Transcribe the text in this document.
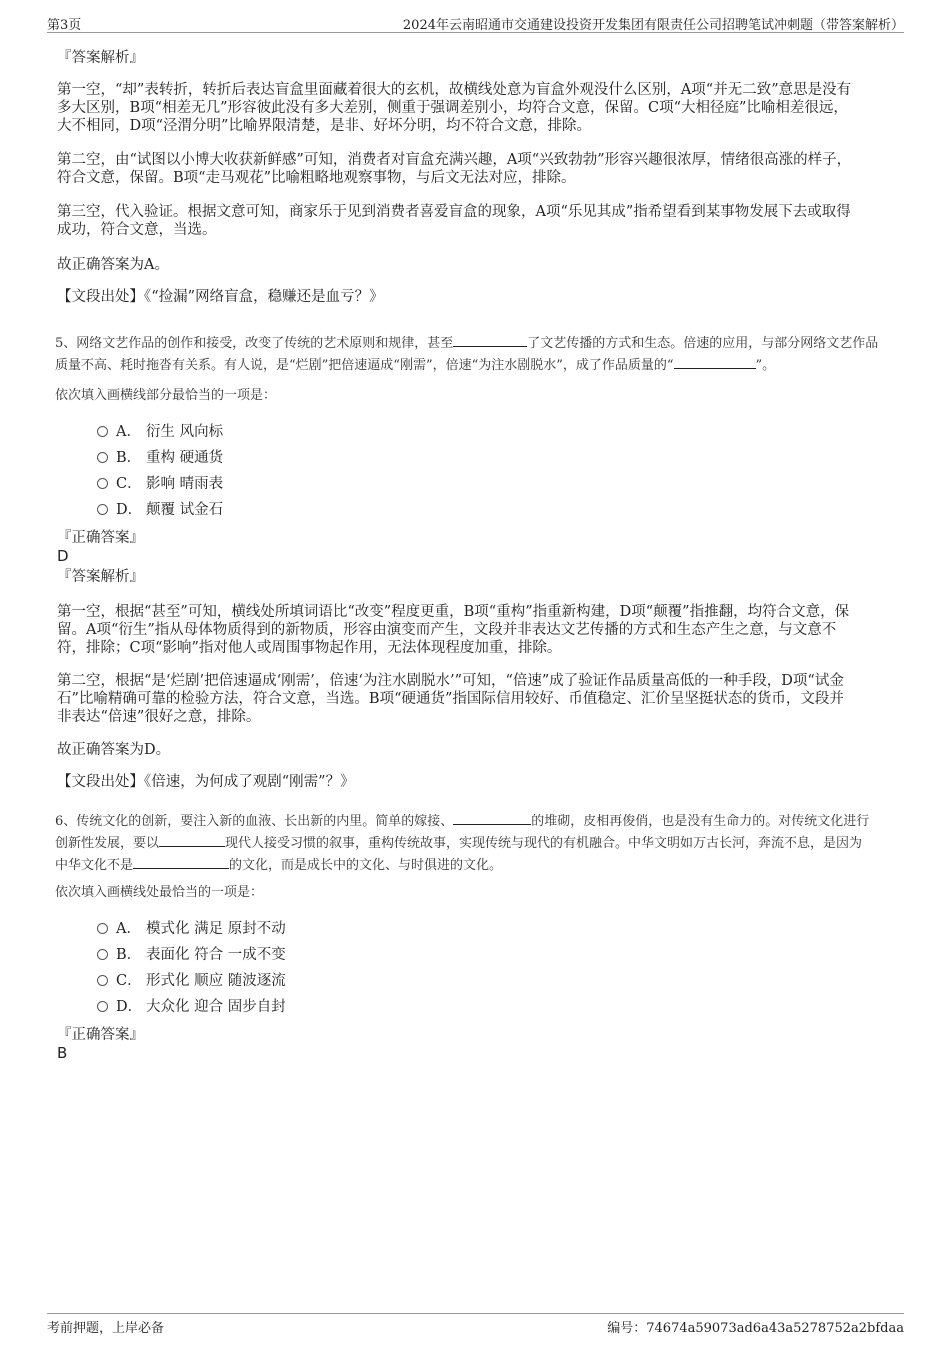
第3页	2024年云南昭通市交通建设投资开发集团有限责任公司招聘笔试冲刺题（带答案解析）
『答案解析』
第一空，“却”表转折，转折后表达盲盒里面藏着很大的玄机，故横线处意为盲盒外观没什么区别，A项“并无二致”意思是没有
多大区别，B项“相差无几”形容彼此没有多大差别，侧重于强调差别小，均符合文意，保留。C项“大相径庭”比喻相差很远，
大不相同，D项“泾渭分明”比喻界限清楚，是非、好坏分明，均不符合文意，排除。
第二空，由“试图以小博大收获新鲜感”可知，消费者对盲盒充满兴趣，A项“兴致勃勃”形容兴趣很浓厚，情绪很高涨的样子，
符合文意，保留。B项“走马观花”比喻粗略地观察事物，与后文无法对应，排除。
第三空，代入验证。根据文意可知，商家乐于见到消费者喜爱盲盒的现象，A项“乐见其成”指希望看到某事物发展下去或取得
成功，符合文意，当选。
故正确答案为A。
【文段出处】《“捡漏”网络盲盒，稳赚还是血亏？》
5、网络文艺作品的创作和接受，改变了传统的艺术原则和规律，甚至	了文艺传播的方式和生态。倍速的应用，与部分网络文艺作品
质量不高、耗时拖沓有关系。有人说，是“烂剧”把倍速逼成“刚需”，倍速“为注水剧脱水”，成了作品质量的“	”。
依次填入画横线部分最恰当的一项是：
A． 衍生 风向标
B． 重构 硬通货
C． 影响 晴雨表
D． 颠覆 试金石
『正确答案』
D
『答案解析』
第一空，根据“甚至”可知，横线处所填词语比“改变”程度更重，B项“重构”指重新构建，D项“颠覆”指推翻，均符合文意，保
留。A项“衍生”指从母体物质得到的新物质，形容由演变而产生，文段并非表达文艺传播的方式和生态产生之意，与文意不
符，排除；C项“影响”指对他人或周围事物起作用，无法体现程度加重，排除。
第二空，根据“是‘烂剧’把倍速逼成‘刚需’，倍速‘为注水剧脱水’”可知，“倍速”成了验证作品质量高低的一种手段，D项“试金
石”比喻精确可靠的检验方法，符合文意，当选。B项“硬通货”指国际信用较好、币值稳定、汇价呈坚挺状态的货币，文段并
非表达“倍速”很好之意，排除。
故正确答案为D。
【文段出处】《倍速，为何成了观剧“刚需”？》
6、传统文化的创新，要注入新的血液、长出新的内里。简单的嫁接、	的堆砌，皮相再俊俏，也是没有生命力的。对传统文化进行
创新性发展，要以	现代人接受习惯的叙事，重构传统故事，实现传统与现代的有机融合。中华文明如万古长河，奔流不息，是因为
中华文化不是	的文化，而是成长中的文化、与时俱进的文化。
依次填入画横线处最恰当的一项是：
A． 模式化 满足 原封不动
B． 表面化 符合 一成不变
C． 形式化 顺应 随波逐流
D． 大众化 迎合 固步自封
『正确答案』
B
考前押题，上岸必备	编号：74674a59073ad6a43a5278752a2bfdaa
